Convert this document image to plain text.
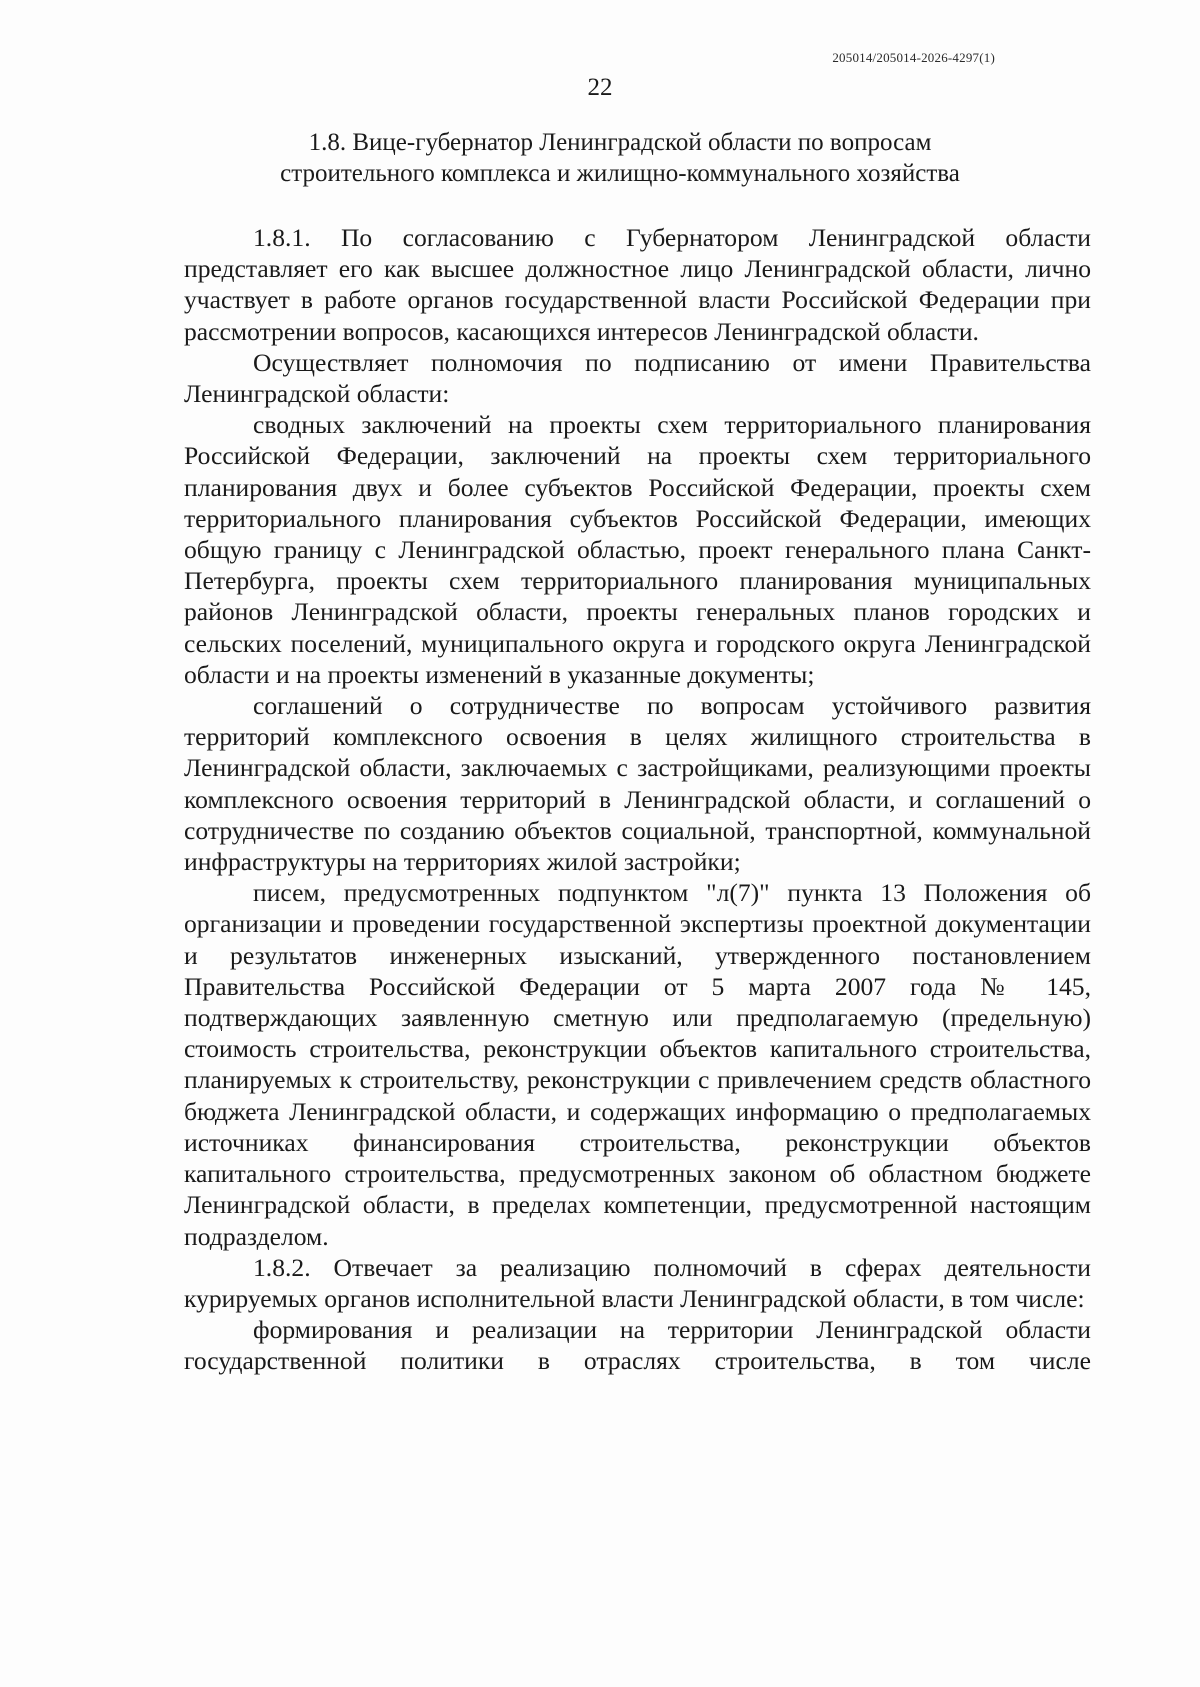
205014/205014-2026-4297(1)
22
1.8. Вице-губернатор Ленинградской области по вопросам
строительного комплекса и жилищно-коммунального хозяйства

1.8.1. По согласованию с Губернатором Ленинградской области представляет его как высшее должностное лицо Ленинградской области, лично участвует в работе органов государственной власти Российской Федерации при рассмотрении вопросов, касающихся интересов Ленинградской области.

Осуществляет полномочия по подписанию от имени Правительства Ленинградской области:

сводных заключений на проекты схем территориального планирования Российской Федерации, заключений на проекты схем территориального планирования двух и более субъектов Российской Федерации, проекты схем территориального планирования субъектов Российской Федерации, имеющих общую границу с Ленинградской областью, проект генерального плана Санкт-Петербурга, проекты схем территориального планирования муниципальных районов Ленинградской области, проекты генеральных планов городских и сельских поселений, муниципального округа и городского округа Ленинградской области и на проекты изменений в указанные документы;

соглашений о сотрудничестве по вопросам устойчивого развития территорий комплексного освоения в целях жилищного строительства в Ленинградской области, заключаемых с застройщиками, реализующими проекты комплексного освоения территорий в Ленинградской области, и соглашений о сотрудничестве по созданию объектов социальной, транспортной, коммунальной инфраструктуры на территориях жилой застройки;

писем, предусмотренных подпунктом "л(7)" пункта 13 Положения об организации и проведении государственной экспертизы проектной документации и результатов инженерных изысканий, утвержденного постановлением Правительства Российской Федерации от 5 марта 2007 года № 145, подтверждающих заявленную сметную или предполагаемую (предельную) стоимость строительства, реконструкции объектов капитального строительства, планируемых к строительству, реконструкции с привлечением средств областного бюджета Ленинградской области, и содержащих информацию о предполагаемых источниках финансирования строительства, реконструкции объектов капитального строительства, предусмотренных законом об областном бюджете Ленинградской области, в пределах компетенции, предусмотренной настоящим подразделом.

1.8.2. Отвечает за реализацию полномочий в сферах деятельности курируемых органов исполнительной власти Ленинградской области, в том числе:

формирования и реализации на территории Ленинградской области государственной политики в отраслях строительства, в том числе
